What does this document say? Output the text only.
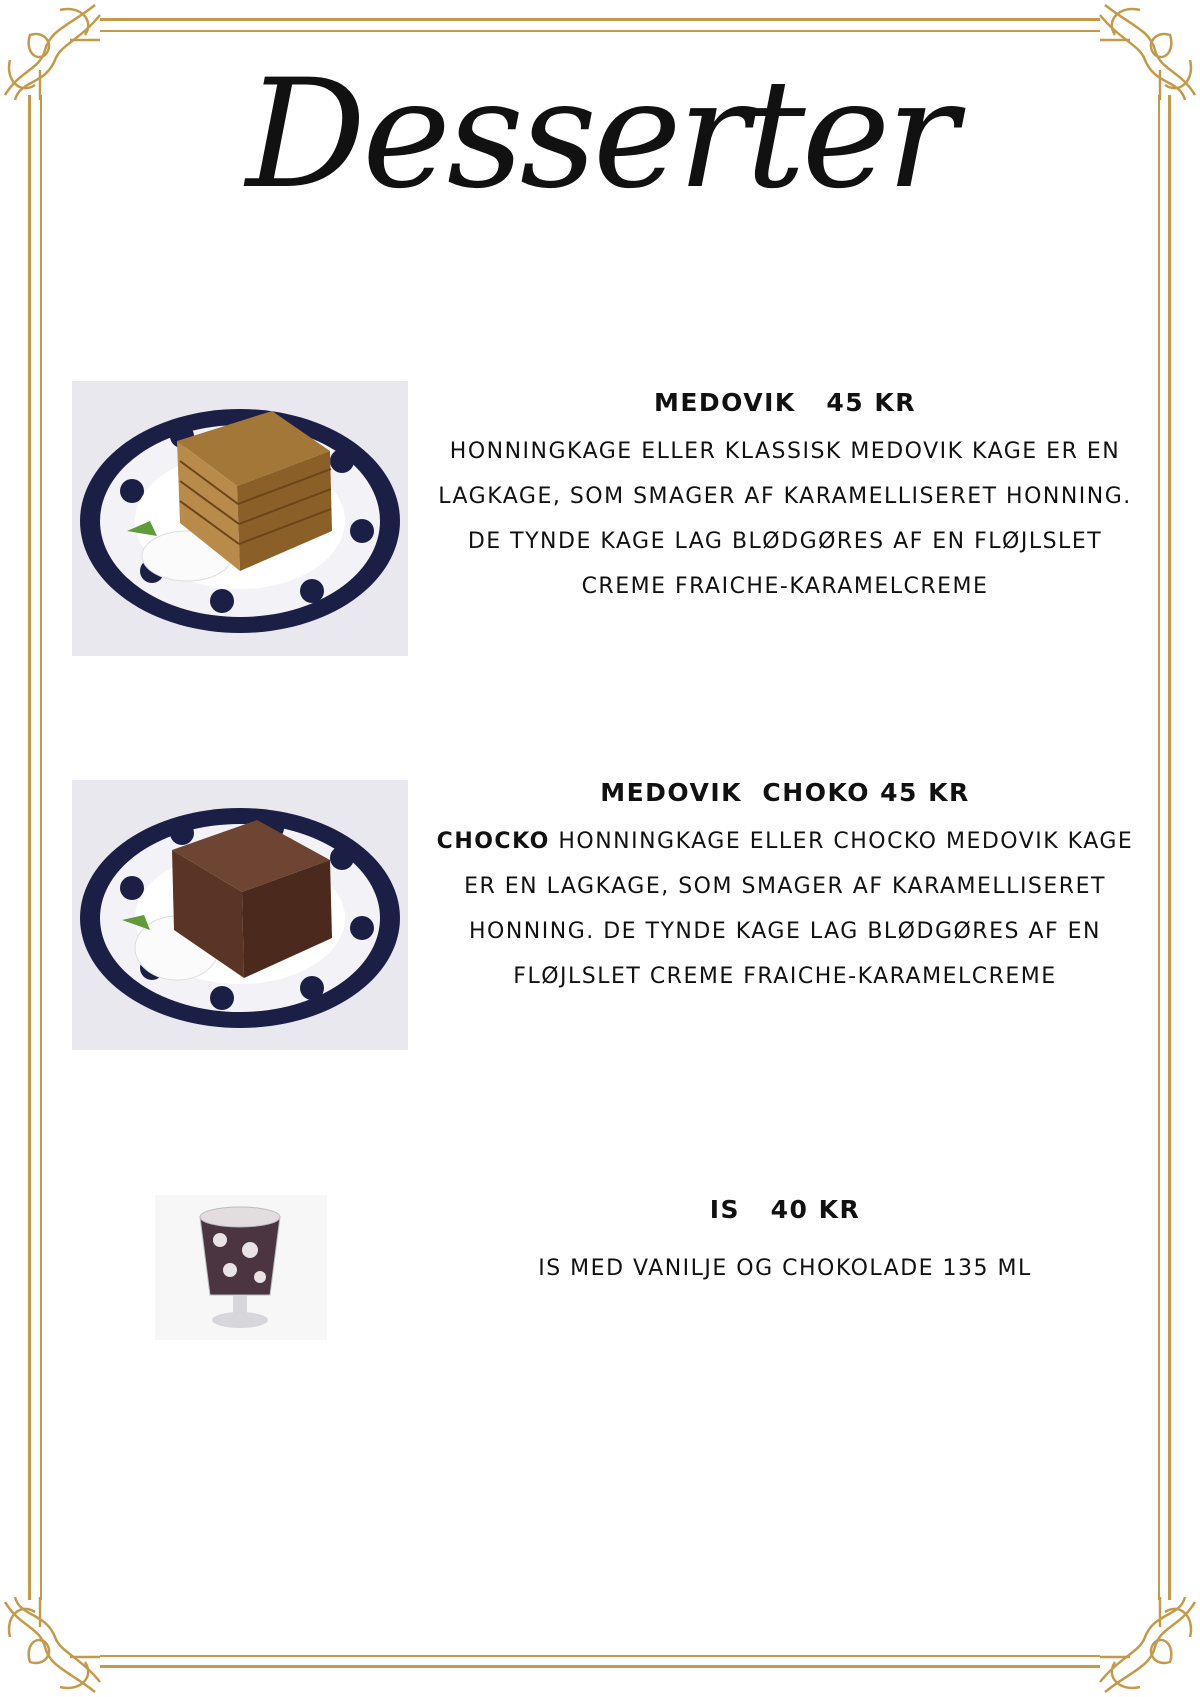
Desserter

MEDOVIK   45 KR

HONNINGKAGE ELLER KLASSISK MEDOVIK KAGE ER EN LAGKAGE, SOM SMAGER AF KARAMELLISERET HONNING. DE TYNDE KAGE LAG BLØDGØRES AF EN FLØJLSLET CREME FRAICHE-KARAMELCREME

MEDOVIK  CHOKO 45 KR

CHOCKO HONNINGKAGE ELLER CHOCKO MEDOVIK KAGE ER EN LAGKAGE, SOM SMAGER AF KARAMELLISERET HONNING. DE TYNDE KAGE LAG BLØDGØRES AF EN FLØJLSLET CREME FRAICHE-KARAMELCREME

IS   40 KR

IS MED VANILJE OG CHOKOLADE 135 ML
